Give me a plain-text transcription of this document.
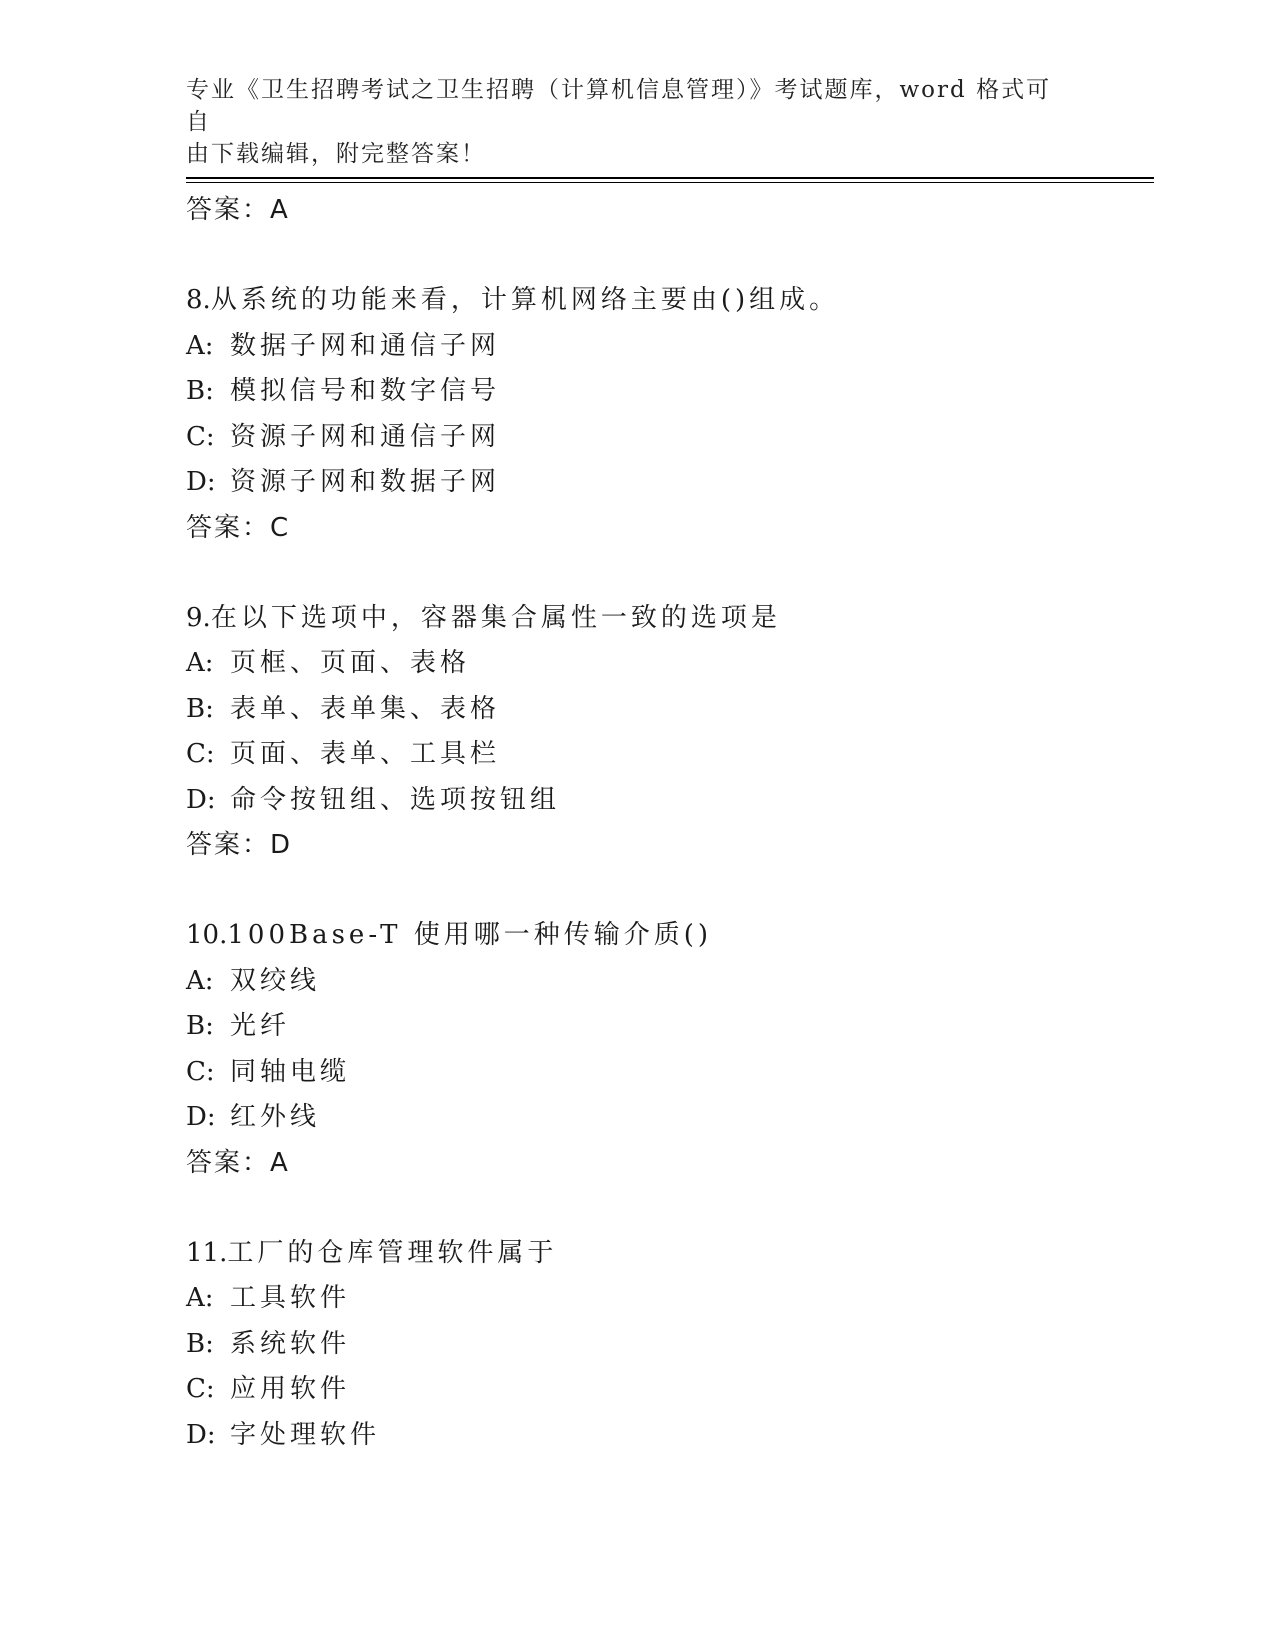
专业《卫生招聘考试之卫生招聘（计算机信息管理）》考试题库，word 格式可自
由下载编辑，附完整答案！
答案：A
8.从系统的功能来看，计算机网络主要由()组成。
A: 数据子网和通信子网
B: 模拟信号和数字信号
C: 资源子网和通信子网
D: 资源子网和数据子网
答案：C
9.在以下选项中，容器集合属性一致的选项是
A: 页框、页面、表格
B: 表单、表单集、表格
C: 页面、表单、工具栏
D: 命令按钮组、选项按钮组
答案：D
10.100Base-T 使用哪一种传输介质()
A: 双绞线
B: 光纤
C: 同轴电缆
D: 红外线
答案：A
11.工厂的仓库管理软件属于
A: 工具软件
B: 系统软件
C: 应用软件
D: 字处理软件
